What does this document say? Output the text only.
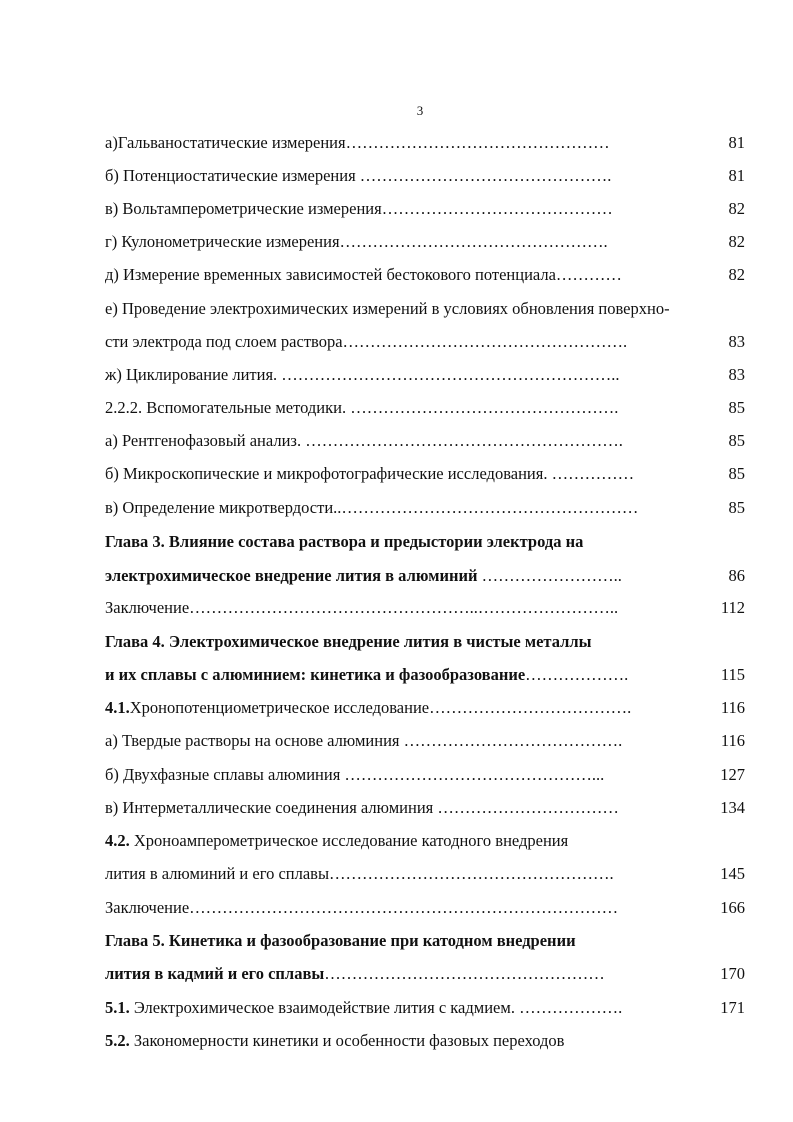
3
а)Гальваностатические измерения…………………………………………	81
б) Потенциостатические измерения ……………………………………….	81
в) Вольтамперометрические измерения……………………………………	82
г) Кулонометрические измерения………………………………………….	82
д) Измерение временных зависимостей бестокового потенциала…………	82
е) Проведение электрохимических измерений в условиях обновления поверхно-
сти электрода под слоем раствора…………………………………………….	83
ж) Циклирование лития. ……………………………………………………..	83
2.2.2. Вспомогательные методики. ………………………………………….	85
а) Рентгенофазовый анализ. ………………………………………………….	85
б) Микроскопические и микрофотографические исследования. ……………	85
в) Определение микротвердости..………………………………………………	85
Глава 3. Влияние состава раствора и предыстории электрода на
электрохимическое внедрение лития в алюминий ……………………..	86
Заключение……………………………………………..……………………..	112
Глава 4. Электрохимическое внедрение лития в чистые металлы
и их сплавы с алюминием: кинетика и фазообразование……………….	115
4.1.Хронопотенциометрическое исследование……………………………….	116
а) Твердые растворы на основе алюминия ………………………………….	116
б) Двухфазные сплавы алюминия ………………………………………...	127
в) Интерметаллические соединения алюминия ……………………………	134
4.2. Хроноамперометрическое исследование катодного внедрения
лития в алюминий и его сплавы…………………………………………….	145
Заключение……………………………………………………………………	166
Глава 5. Кинетика и фазообразование при катодном внедрении
лития в кадмий и его сплавы……………………………………………	170
5.1. Электрохимическое взаимодействие лития с кадмием. ……………….	171
5.2. Закономерности кинетики и особенности фазовых переходов
